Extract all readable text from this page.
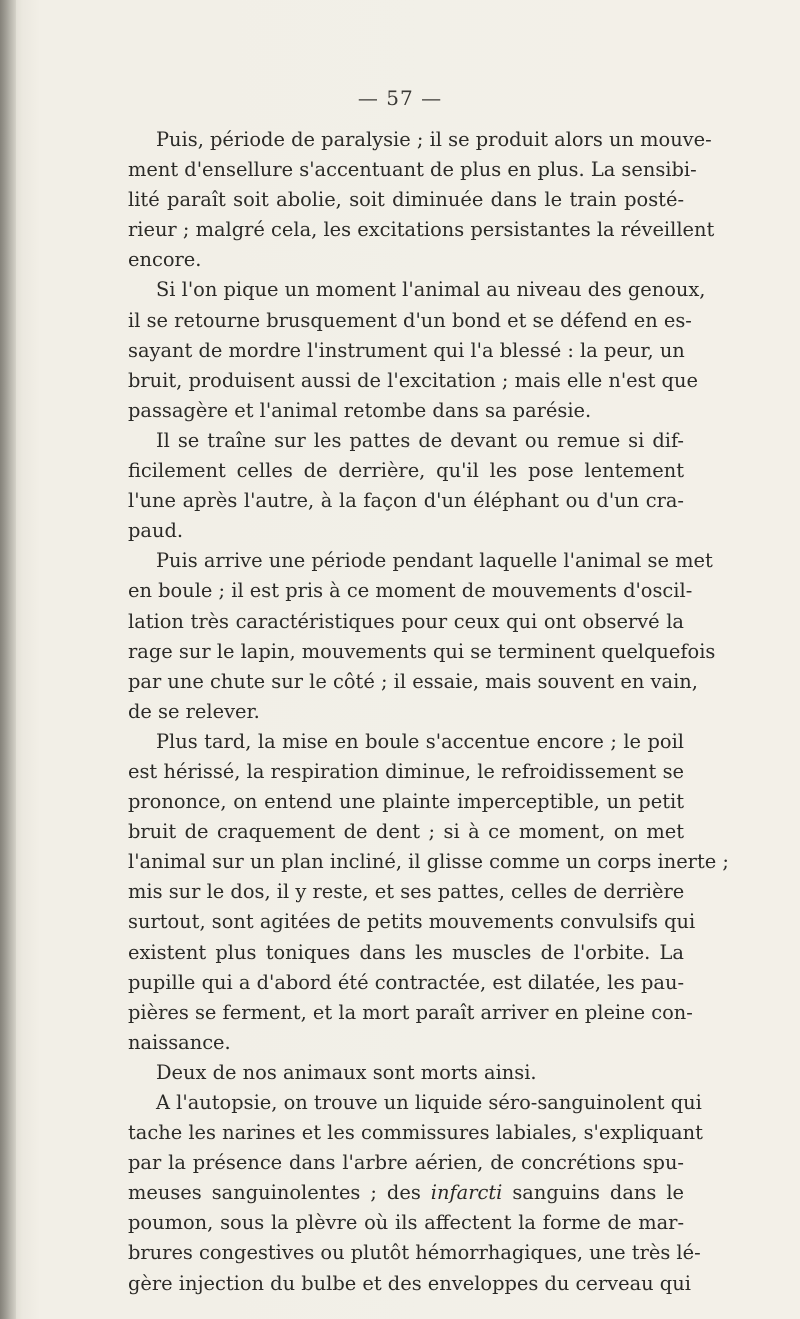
— 57 —
Puis, période de paralysie ; il se produit alors un mouve-
ment d'ensellure s'accentuant de plus en plus. La sensibi-
lité paraît soit abolie, soit diminuée dans le train posté-
rieur ; malgré cela, les excitations persistantes la réveillent
encore.
Si l'on pique un moment l'animal au niveau des genoux,
il se retourne brusquement d'un bond et se défend en es-
sayant de mordre l'instrument qui l'a blessé : la peur, un
bruit, produisent aussi de l'excitation ; mais elle n'est que
passagère et l'animal retombe dans sa parésie.
Il se traîne sur les pattes de devant ou remue si dif-
ficilement celles de derrière, qu'il les pose lentement
l'une après l'autre, à la façon d'un éléphant ou d'un cra-
paud.
Puis arrive une période pendant laquelle l'animal se met
en boule ; il est pris à ce moment de mouvements d'oscil-
lation très caractéristiques pour ceux qui ont observé la
rage sur le lapin, mouvements qui se terminent quelquefois
par une chute sur le côté ; il essaie, mais souvent en vain,
de se relever.
Plus tard, la mise en boule s'accentue encore ; le poil
est hérissé, la respiration diminue, le refroidissement se
prononce, on entend une plainte imperceptible, un petit
bruit de craquement de dent ; si à ce moment, on met
l'animal sur un plan incliné, il glisse comme un corps inerte ;
mis sur le dos, il y reste, et ses pattes, celles de derrière
surtout, sont agitées de petits mouvements convulsifs qui
existent plus toniques dans les muscles de l'orbite. La
pupille qui a d'abord été contractée, est dilatée, les pau-
pières se ferment, et la mort paraît arriver en pleine con-
naissance.
Deux de nos animaux sont morts ainsi.
A l'autopsie, on trouve un liquide séro-sanguinolent qui
tache les narines et les commissures labiales, s'expliquant
par la présence dans l'arbre aérien, de concrétions spu-
meuses sanguinolentes ; des infarcti sanguins dans le
poumon, sous la plèvre où ils affectent la forme de mar-
brures congestives ou plutôt hémorrhagiques, une très lé-
gère injection du bulbe et des enveloppes du cerveau qui
